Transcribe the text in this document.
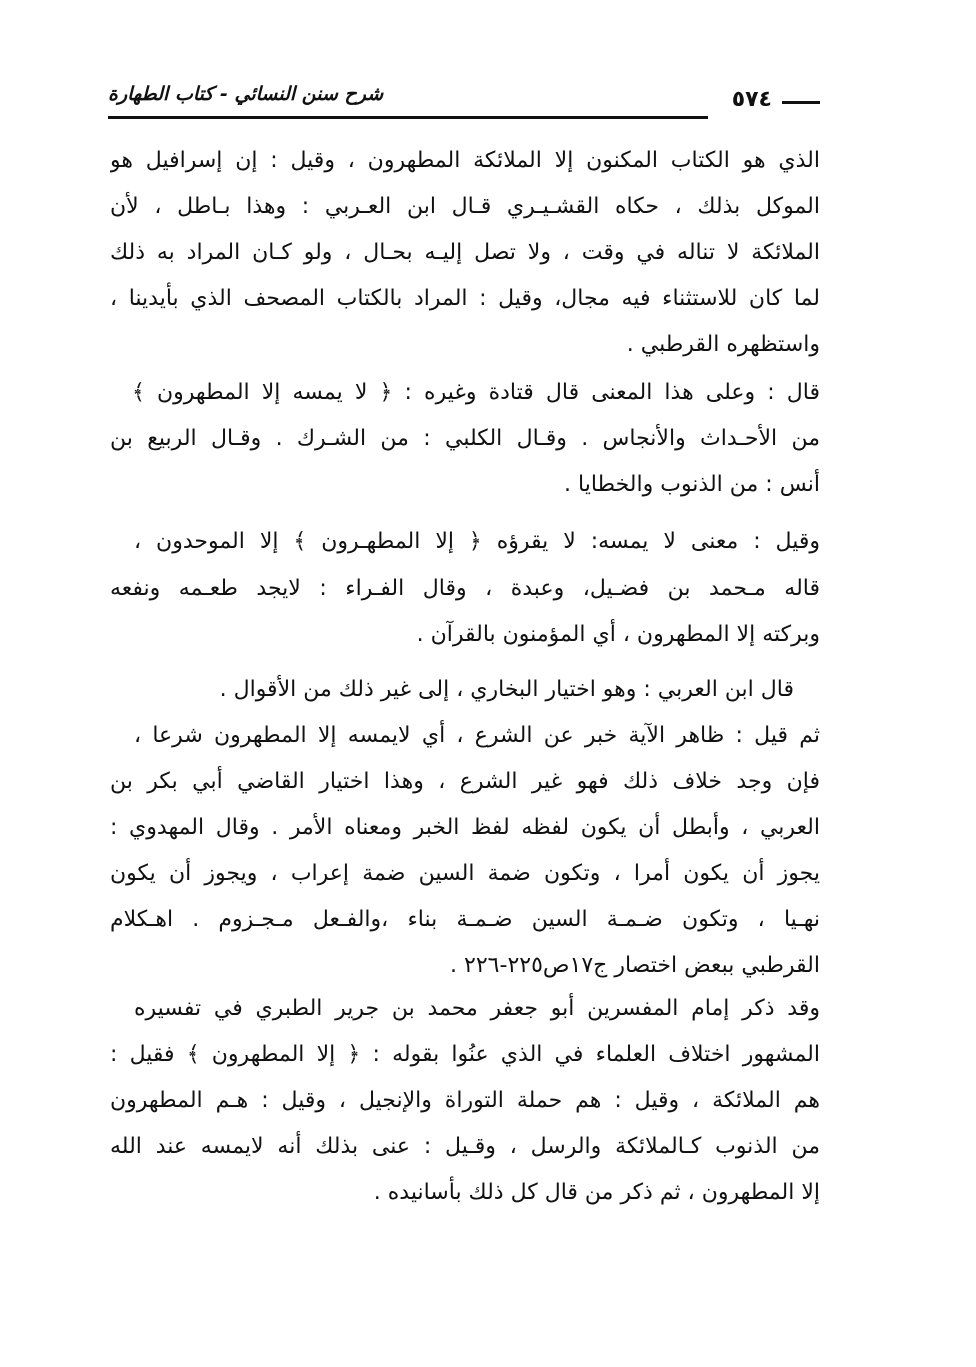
شرح سنن النسائي - كتاب الطهارة	٥٧٤
الذي هو الكتاب المكنون إلا الملائكة المطهرون ، وقيل : إن إسرافيل هو
الموكل بذلك ، حكاه القشـيـري قـال ابن العـربي : وهذا بـاطل ، لأن
الملائكة لا تناله في وقت ، ولا تصل إليـه بحـال ، ولو كـان المراد به ذلك
لما كان للاستثناء فيه مجال، وقيل : المراد بالكتاب المصحف الذي بأيدينا ،
واستظهره القرطبي .
قال : وعلى هذا المعنى قال قتادة وغيره : ﴿ لا يمسه إلا المطهرون ﴾
من الأحـداث والأنجاس . وقـال الكلبي : من الشـرك . وقـال الربيع بن
أنس : من الذنوب والخطايا .
وقيل : معنى لا يمسه: لا يقرؤه ﴿ إلا المطهـرون ﴾ إلا الموحدون ،
قاله مـحمد بن فضـيل، وعبدة ، وقال الفـراء : لايجد طعـمه ونفعه
وبركته إلا المطهرون ، أي المؤمنون بالقرآن .
قال ابن العربي : وهو اختيار البخاري ، إلى غير ذلك من الأقوال .
ثم قيل : ظاهر الآية خبر عن الشرع ، أي لايمسه إلا المطهرون شرعا ،
فإن وجد خلاف ذلك فهو غير الشرع ، وهذا اختيار القاضي أبي بكر بن
العربي ، وأبطل أن يكون لفظه لفظ الخبر ومعناه الأمر . وقال المهدوي :
يجوز أن يكون أمرا ، وتكون ضمة السين ضمة إعراب ، ويجوز أن يكون
نهـيا ، وتكون ضـمـة السين ضـمـة بناء ،والفـعل مـجـزوم . اهـكلام
القرطبي ببعض اختصار ج١٧ص٢٢٥-٢٢٦ .
وقد ذكر إمام المفسرين أبو جعفر محمد بن جرير الطبري في تفسيره
المشهور اختلاف العلماء في الذي عنُوا بقوله : ﴿ إلا المطهرون ﴾ فقيل :
هم الملائكة ، وقيل : هم حملة التوراة والإنجيل ، وقيل : هـم المطهرون
من الذنوب كـالملائكة والرسل ، وقـيل : عنى بذلك أنه لايمسه عند الله
إلا المطهرون ، ثم ذكر من قال كل ذلك بأسانيده .
